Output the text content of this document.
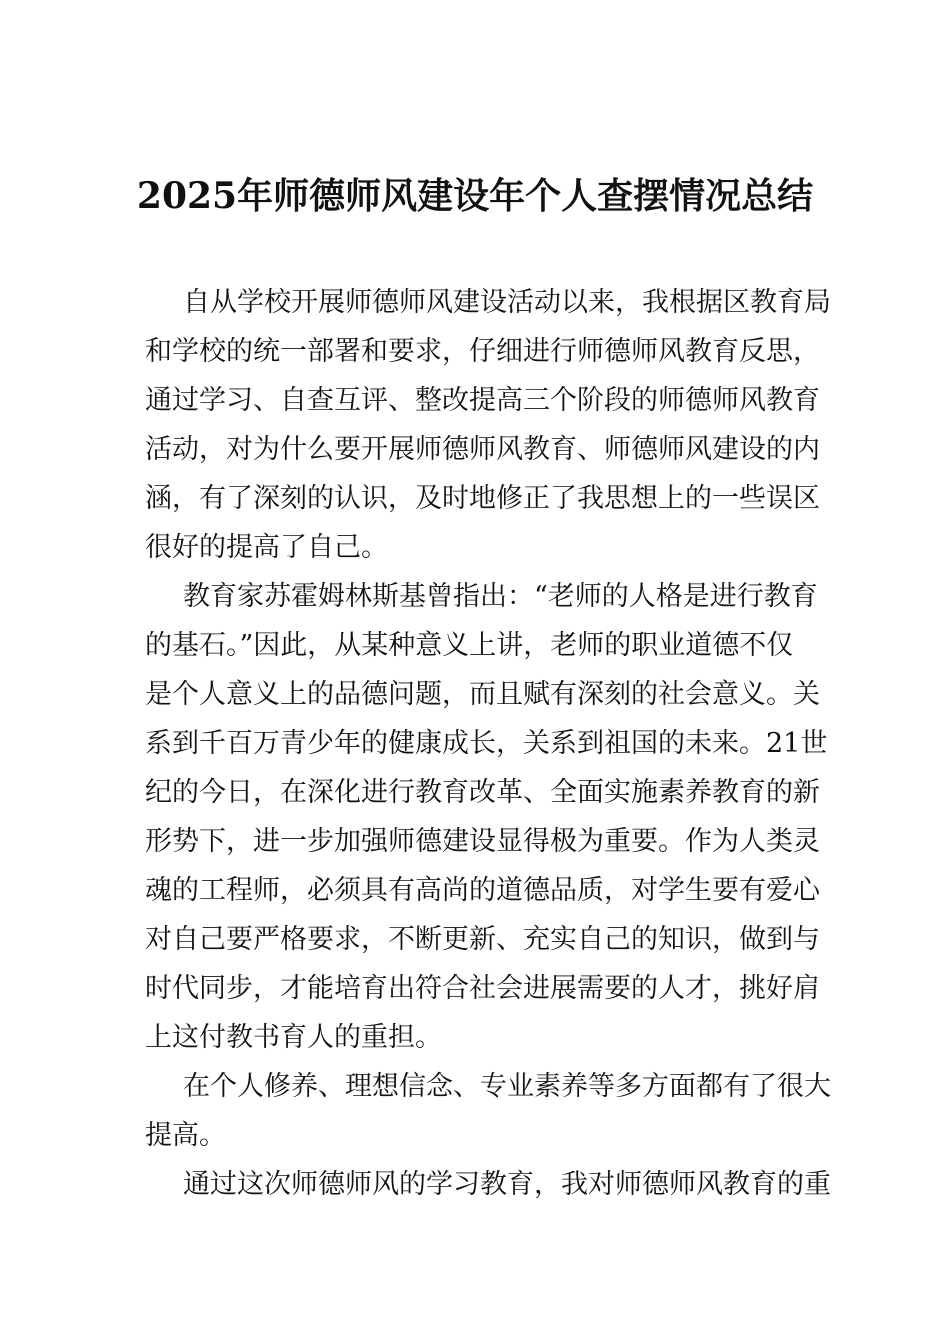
2025年师德师风建设年个人查摆情况总结
自从学校开展师德师风建设活动以来，我根据区教育局
和学校的统一部署和要求，仔细进行师德师风教育反思，
通过学习、自查互评、整改提高三个阶段的师德师风教育
活动，对为什么要开展师德师风教育、师德师风建设的内
涵，有了深刻的认识，及时地修正了我思想上的一些误区
很好的提高了自己。
教育家苏霍姆林斯基曾指出：“老师的人格是进行教育
的基石。”因此，从某种意义上讲，老师的职业道德不仅
是个人意义上的品德问题，而且赋有深刻的社会意义。关
系到千百万青少年的健康成长，关系到祖国的未来。21世
纪的今日，在深化进行教育改革、全面实施素养教育的新
形势下，进一步加强师德建设显得极为重要。作为人类灵
魂的工程师，必须具有高尚的道德品质，对学生要有爱心
对自己要严格要求，不断更新、充实自己的知识，做到与
时代同步，才能培育出符合社会进展需要的人才，挑好肩
上这付教书育人的重担。
在个人修养、理想信念、专业素养等多方面都有了很大
提高。
通过这次师德师风的学习教育，我对师德师风教育的重
